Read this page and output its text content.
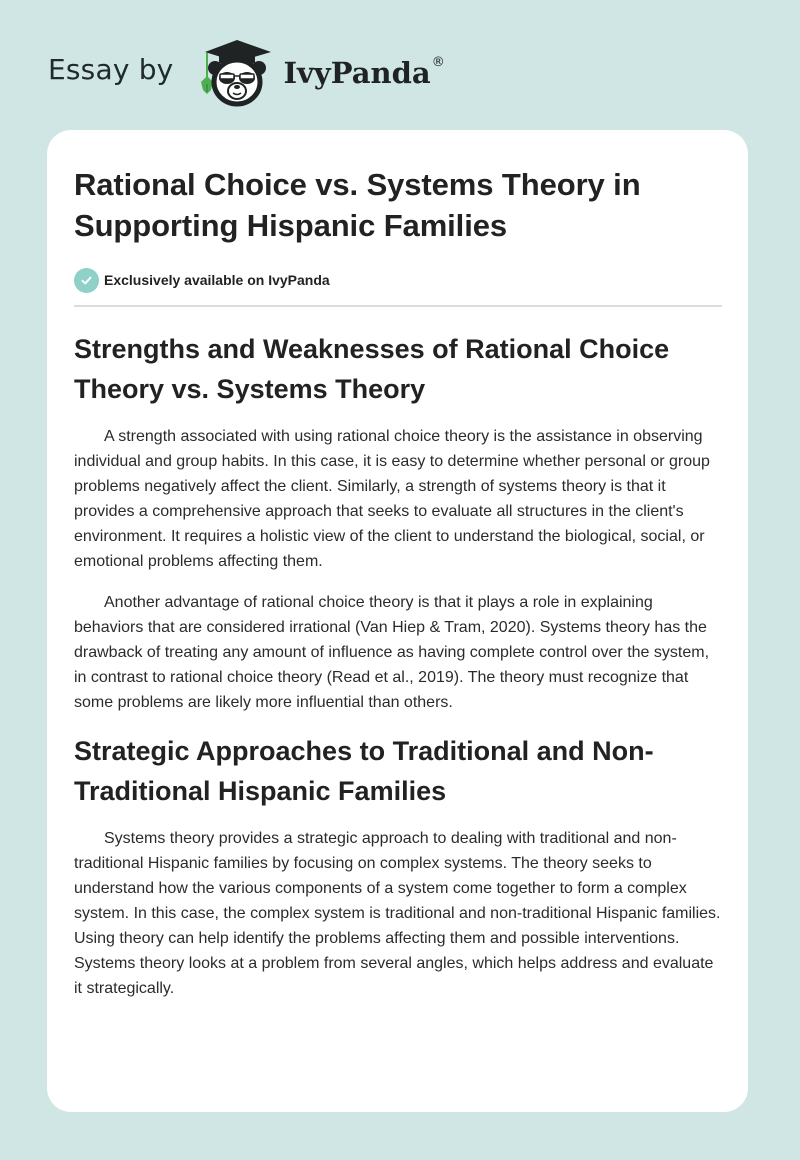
Essay by	IvyPanda®
Rational Choice vs. Systems Theory in Supporting Hispanic Families
Exclusively available on IvyPanda
Strengths and Weaknesses of Rational Choice Theory vs. Systems Theory

A strength associated with using rational choice theory is the assistance in observing individual and group habits. In this case, it is easy to determine whether personal or group problems negatively affect the client. Similarly, a strength of systems theory is that it provides a comprehensive approach that seeks to evaluate all structures in the client's environment. It requires a holistic view of the client to understand the biological, social, or emotional problems affecting them.

Another advantage of rational choice theory is that it plays a role in explaining behaviors that are considered irrational (Van Hiep & Tram, 2020). Systems theory has the drawback of treating any amount of influence as having complete control over the system, in contrast to rational choice theory (Read et al., 2019). The theory must recognize that some problems are likely more influential than others.

Strategic Approaches to Traditional and Non-Traditional Hispanic Families

Systems theory provides a strategic approach to dealing with traditional and non-traditional Hispanic families by focusing on complex systems. The theory seeks to understand how the various components of a system come together to form a complex system. In this case, the complex system is traditional and non-traditional Hispanic families. Using theory can help identify the problems affecting them and possible interventions. Systems theory looks at a problem from several angles, which helps address and evaluate it strategically.
